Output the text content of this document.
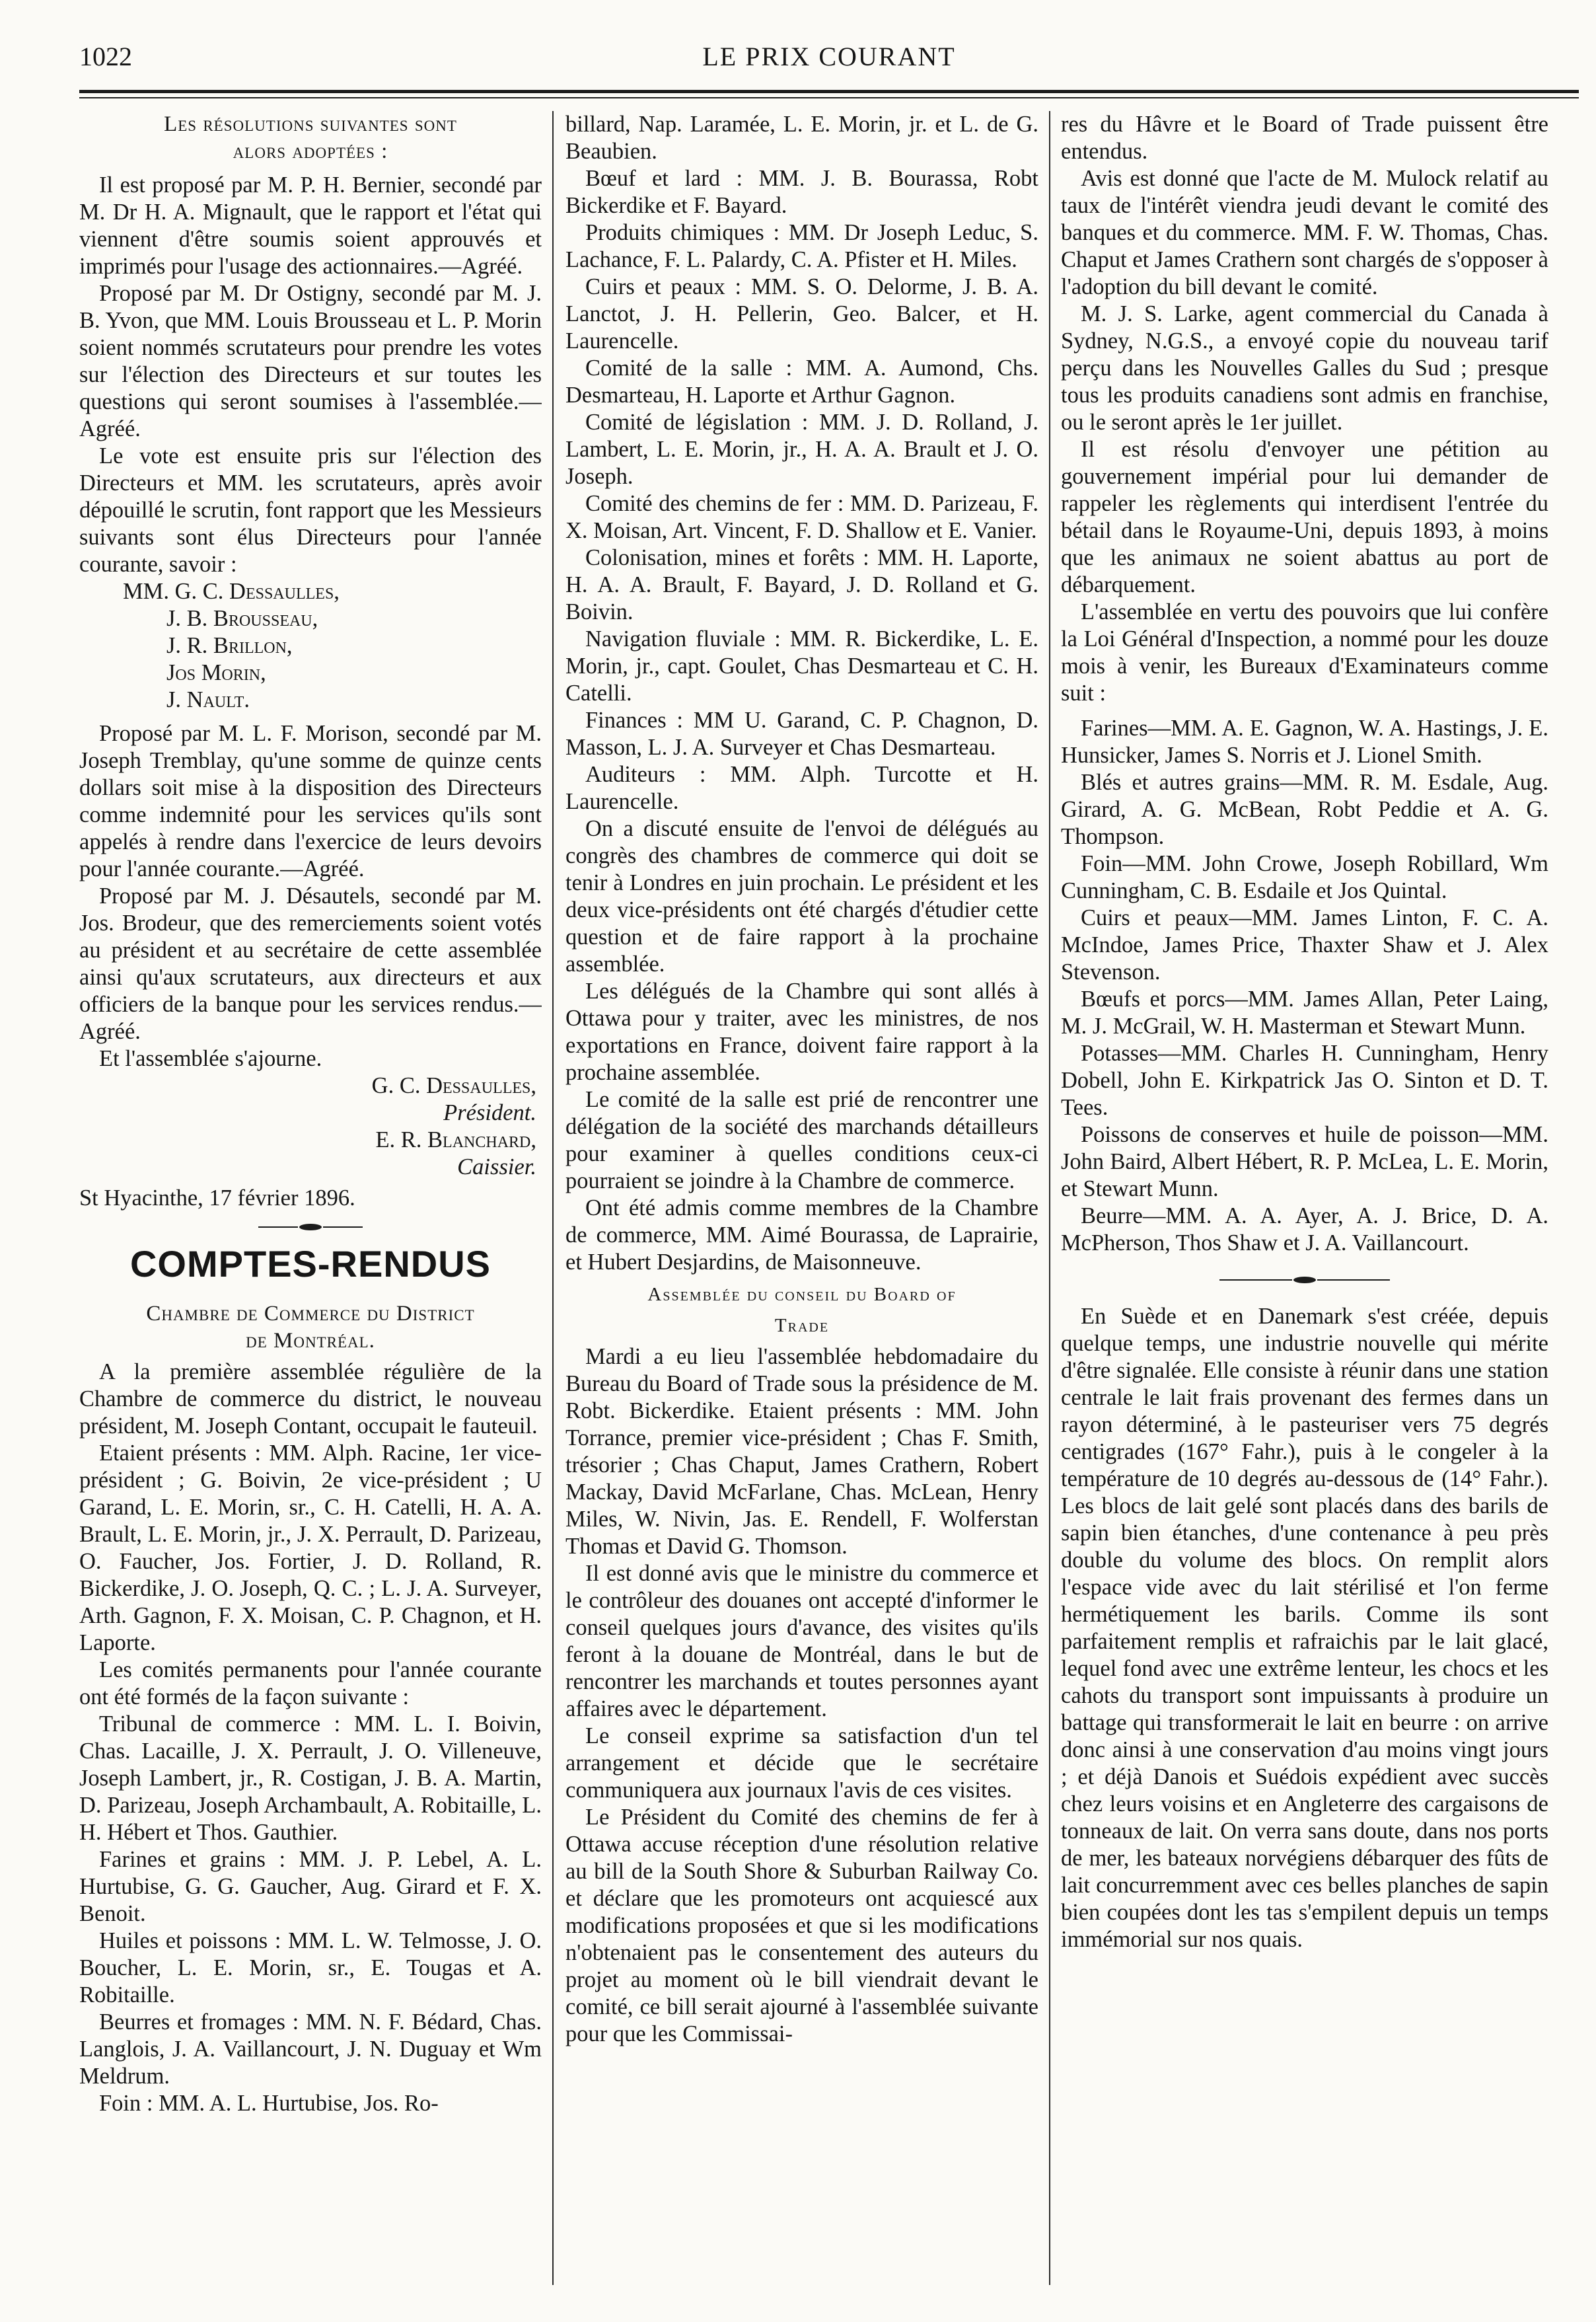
1022	LE PRIX COURANT
Les résolutions suivantes sont
alors adoptées :

Il est proposé par M. P. H. Bernier, secondé par M. Dr H. A. Mignault, que le rapport et l'état qui viennent d'être soumis soient approuvés et imprimés pour l'usage des actionnaires.—Agréé.

Proposé par M. Dr Ostigny, secondé par M. J. B. Yvon, que MM. Louis Brousseau et L. P. Morin soient nommés scrutateurs pour prendre les votes sur l'élection des Directeurs et sur toutes les questions qui seront soumises à l'assemblée.—Agréé.

Le vote est ensuite pris sur l'élection des Directeurs et MM. les scrutateurs, après avoir dépouillé le scrutin, font rapport que les Messieurs suivants sont élus Directeurs pour l'année courante, savoir :

MM. G. C. Dessaulles,
J. B. Brousseau,
J. R. Brillon,
Jos Morin,
J. Nault.

Proposé par M. L. F. Morison, secondé par M. Joseph Tremblay, qu'une somme de quinze cents dollars soit mise à la disposition des Directeurs comme indemnité pour les services qu'ils sont appelés à rendre dans l'exercice de leurs devoirs pour l'année courante.—Agréé.

Proposé par M. J. Désautels, secondé par M. Jos. Brodeur, que des remerciements soient votés au président et au secrétaire de cette assemblée ainsi qu'aux scrutateurs, aux directeurs et aux officiers de la banque pour les services rendus.—Agréé.

Et l'assemblée s'ajourne.

G. C. Dessaulles,
Président.
E. R. Blanchard,
Caissier.
St Hyacinthe, 17 février 1896.
COMPTES-RENDUS
Chambre de Commerce du District
de Montréal.

A la première assemblée régulière de la Chambre de commerce du district, le nouveau président, M. Joseph Contant, occupait le fauteuil.

Etaient présents : MM. Alph. Racine, 1er vice-président ; G. Boivin, 2e vice-président ; U Garand, L. E. Morin, sr., C. H. Catelli, H. A. A. Brault, L. E. Morin, jr., J. X. Perrault, D. Parizeau, O. Faucher, Jos. Fortier, J. D. Rolland, R. Bickerdike, J. O. Joseph, Q. C. ; L. J. A. Surveyer, Arth. Gagnon, F. X. Moisan, C. P. Chagnon, et H. Laporte.

Les comités permanents pour l'année courante ont été formés de la façon suivante :

Tribunal de commerce : MM. L. I. Boivin, Chas. Lacaille, J. X. Perrault, J. O. Villeneuve, Joseph Lambert, jr., R. Costigan, J. B. A. Martin, D. Parizeau, Joseph Archambault, A. Robitaille, L. H. Hébert et Thos. Gauthier.

Farines et grains : MM. J. P. Lebel, A. L. Hurtubise, G. G. Gaucher, Aug. Girard et F. X. Benoit.

Huiles et poissons : MM. L. W. Telmosse, J. O. Boucher, L. E. Morin, sr., E. Tougas et A. Robitaille.

Beurres et fromages : MM. N. F. Bédard, Chas. Langlois, J. A. Vaillancourt, J. N. Duguay et Wm Meldrum.

Foin : MM. A. L. Hurtubise, Jos. Ro-

billard, Nap. Laramée, L. E. Morin, jr. et L. de G. Beaubien.

Bœuf et lard : MM. J. B. Bourassa, Robt Bickerdike et F. Bayard.

Produits chimiques : MM. Dr Joseph Leduc, S. Lachance, F. L. Palardy, C. A. Pfister et H. Miles.

Cuirs et peaux : MM. S. O. Delorme, J. B. A. Lanctot, J. H. Pellerin, Geo. Balcer, et H. Laurencelle.

Comité de la salle : MM. A. Aumond, Chs. Desmarteau, H. Laporte et Arthur Gagnon.

Comité de législation : MM. J. D. Rolland, J. Lambert, L. E. Morin, jr., H. A. A. Brault et J. O. Joseph.

Comité des chemins de fer : MM. D. Parizeau, F. X. Moisan, Art. Vincent, F. D. Shallow et E. Vanier.

Colonisation, mines et forêts : MM. H. Laporte, H. A. A. Brault, F. Bayard, J. D. Rolland et G. Boivin.

Navigation fluviale : MM. R. Bickerdike, L. E. Morin, jr., capt. Goulet, Chas Desmarteau et C. H. Catelli.

Finances : MM U. Garand, C. P. Chagnon, D. Masson, L. J. A. Surveyer et Chas Desmarteau.

Auditeurs : MM. Alph. Turcotte et H. Laurencelle.

On a discuté ensuite de l'envoi de délégués au congrès des chambres de commerce qui doit se tenir à Londres en juin prochain. Le président et les deux vice-présidents ont été chargés d'étudier cette question et de faire rapport à la prochaine assemblée.

Les délégués de la Chambre qui sont allés à Ottawa pour y traiter, avec les ministres, de nos exportations en France, doivent faire rapport à la prochaine assemblée.

Le comité de la salle est prié de rencontrer une délégation de la société des marchands détailleurs pour examiner à quelles conditions ceux-ci pourraient se joindre à la Chambre de commerce.

Ont été admis comme membres de la Chambre de commerce, MM. Aimé Bourassa, de Laprairie, et Hubert Desjardins, de Maisonneuve.

Assemblée du conseil du Board of
Trade

Mardi a eu lieu l'assemblée hebdomadaire du Bureau du Board of Trade sous la présidence de M. Robt. Bickerdike. Etaient présents : MM. John Torrance, premier vice-président ; Chas F. Smith, trésorier ; Chas Chaput, James Crathern, Robert Mackay, David McFarlane, Chas. McLean, Henry Miles, W. Nivin, Jas. E. Rendell, F. Wolferstan Thomas et David G. Thomson.

Il est donné avis que le ministre du commerce et le contrôleur des douanes ont accepté d'informer le conseil quelques jours d'avance, des visites qu'ils feront à la douane de Montréal, dans le but de rencontrer les marchands et toutes personnes ayant affaires avec le département.

Le conseil exprime sa satisfaction d'un tel arrangement et décide que le secrétaire communiquera aux journaux l'avis de ces visites.

Le Président du Comité des chemins de fer à Ottawa accuse réception d'une résolution relative au bill de la South Shore & Suburban Railway Co. et déclare que les promoteurs ont acquiescé aux modifications proposées et que si les modifications n'obtenaient pas le consentement des auteurs du projet au moment où le bill viendrait devant le comité, ce bill serait ajourné à l'assemblée suivante pour que les Commissai-

res du Hâvre et le Board of Trade puissent être entendus.

Avis est donné que l'acte de M. Mulock relatif au taux de l'intérêt viendra jeudi devant le comité des banques et du commerce. MM. F. W. Thomas, Chas. Chaput et James Crathern sont chargés de s'opposer à l'adoption du bill devant le comité.

M. J. S. Larke, agent commercial du Canada à Sydney, N.G.S., a envoyé copie du nouveau tarif perçu dans les Nouvelles Galles du Sud ; presque tous les produits canadiens sont admis en franchise, ou le seront après le 1er juillet.

Il est résolu d'envoyer une pétition au gouvernement impérial pour lui demander de rappeler les règlements qui interdisent l'entrée du bétail dans le Royaume-Uni, depuis 1893, à moins que les animaux ne soient abattus au port de débarquement.

L'assemblée en vertu des pouvoirs que lui confère la Loi Général d'Inspection, a nommé pour les douze mois à venir, les Bureaux d'Examinateurs comme suit :

Farines—MM. A. E. Gagnon, W. A. Hastings, J. E. Hunsicker, James S. Norris et J. Lionel Smith.

Blés et autres grains—MM. R. M. Esdale, Aug. Girard, A. G. McBean, Robt Peddie et A. G. Thompson.

Foin—MM. John Crowe, Joseph Robillard, Wm Cunningham, C. B. Esdaile et Jos Quintal.

Cuirs et peaux—MM. James Linton, F. C. A. McIndoe, James Price, Thaxter Shaw et J. Alex Stevenson.

Bœufs et porcs—MM. James Allan, Peter Laing, M. J. McGrail, W. H. Masterman et Stewart Munn.

Potasses—MM. Charles H. Cunningham, Henry Dobell, John E. Kirkpatrick Jas O. Sinton et D. T. Tees.

Poissons de conserves et huile de poisson—MM. John Baird, Albert Hébert, R. P. McLea, L. E. Morin, et Stewart Munn.

Beurre—MM. A. A. Ayer, A. J. Brice, D. A. McPherson, Thos Shaw et J. A. Vaillancourt.

En Suède et en Danemark s'est créée, depuis quelque temps, une industrie nouvelle qui mérite d'être signalée. Elle consiste à réunir dans une station centrale le lait frais provenant des fermes dans un rayon déterminé, à le pasteuriser vers 75 degrés centigrades (167° Fahr.), puis à le congeler à la température de 10 degrés au-dessous de (14° Fahr.). Les blocs de lait gelé sont placés dans des barils de sapin bien étanches, d'une contenance à peu près double du volume des blocs. On remplit alors l'espace vide avec du lait stérilisé et l'on ferme hermétiquement les barils. Comme ils sont parfaitement remplis et rafraichis par le lait glacé, lequel fond avec une extrême lenteur, les chocs et les cahots du transport sont impuissants à produire un battage qui transformerait le lait en beurre : on arrive donc ainsi à une conservation d'au moins vingt jours ; et déjà Danois et Suédois expédient avec succès chez leurs voisins et en Angleterre des cargaisons de tonneaux de lait. On verra sans doute, dans nos ports de mer, les bateaux norvégiens débarquer des fûts de lait concurremment avec ces belles planches de sapin bien coupées dont les tas s'empilent depuis un temps immémorial sur nos quais.
